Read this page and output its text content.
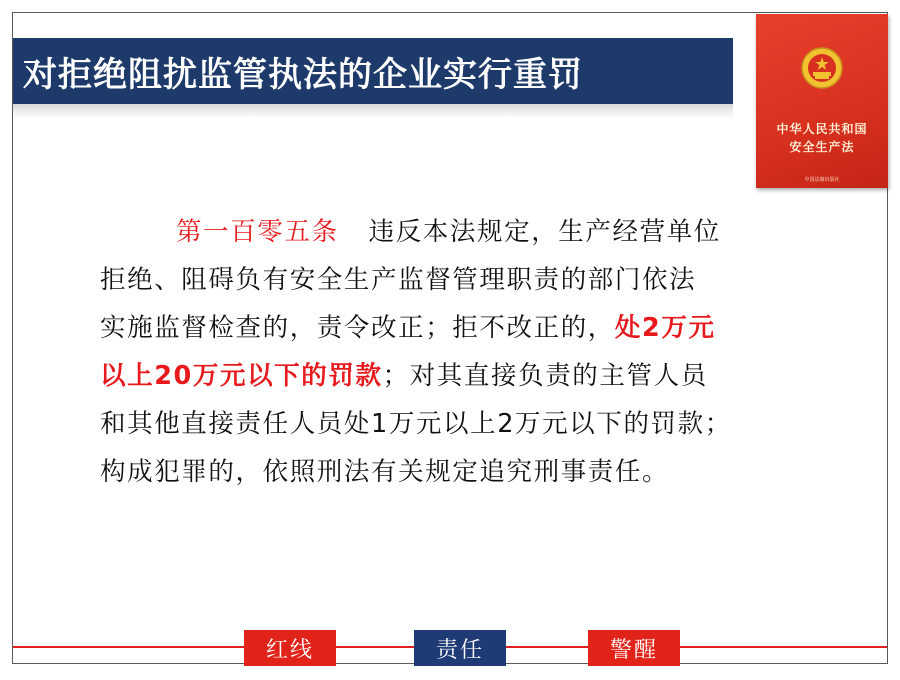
对拒绝阻扰监管执法的企业实行重罚
中华人民共和国
安全生产法
中国法制出版社
第一百零五条 违反本法规定，生产经营单位
拒绝、阻碍负有安全生产监督管理职责的部门依法
实施监督检查的，责令改正；拒不改正的，处2万元
以上20万元以下的罚款；对其直接负责的主管人员
和其他直接责任人员处1万元以上2万元以下的罚款；
构成犯罪的，依照刑法有关规定追究刑事责任。
红线	责任	警醒
